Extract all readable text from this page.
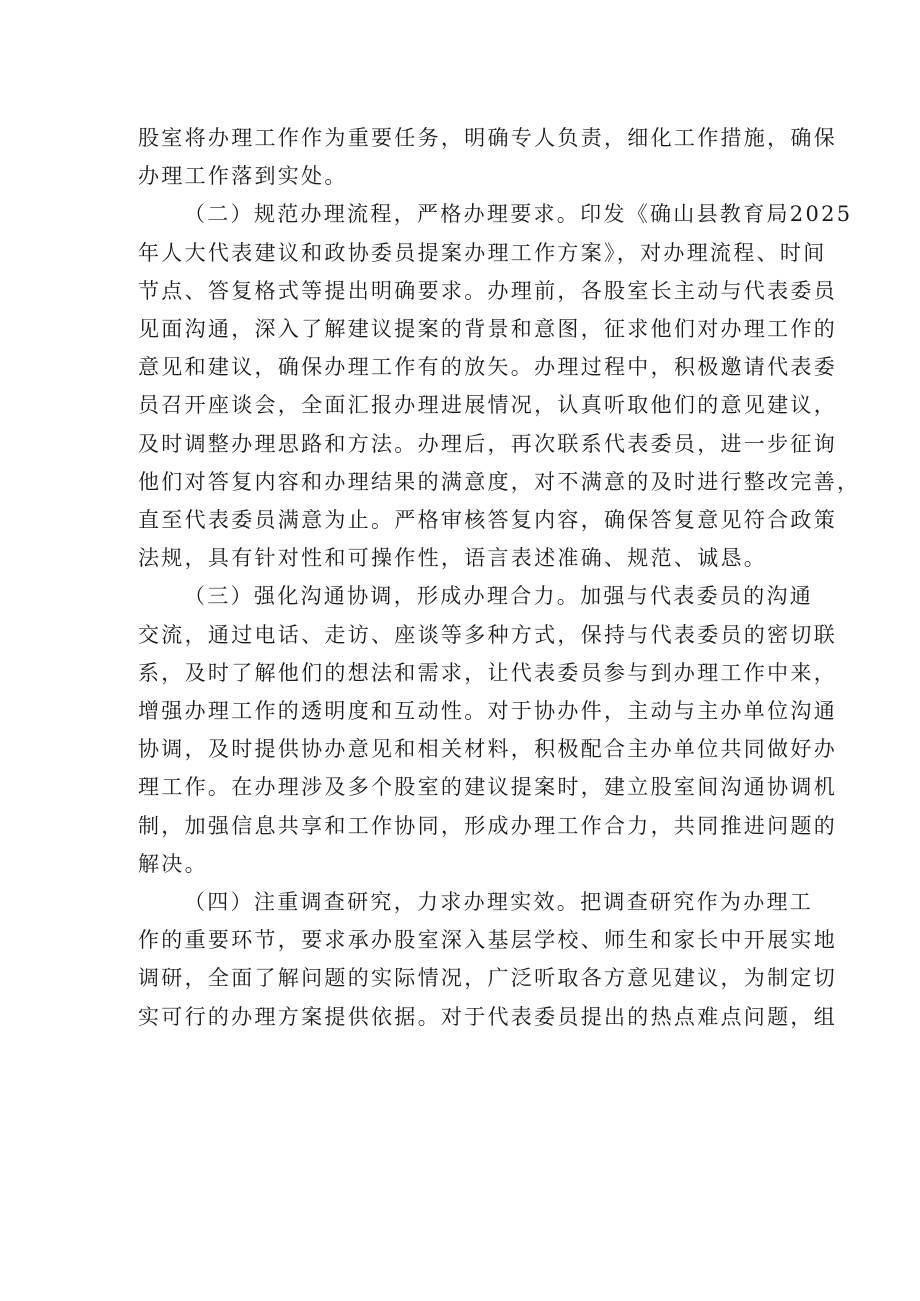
股室将办理工作作为重要任务，明确专人负责，细化工作措施，确保
办理工作落到实处。

（二）规范办理流程，严格办理要求。印发《确山县教育局2025
年人大代表建议和政协委员提案办理工作方案》，对办理流程、时间
节点、答复格式等提出明确要求。办理前，各股室长主动与代表委员
见面沟通，深入了解建议提案的背景和意图，征求他们对办理工作的
意见和建议，确保办理工作有的放矢。办理过程中，积极邀请代表委
员召开座谈会，全面汇报办理进展情况，认真听取他们的意见建议，
及时调整办理思路和方法。办理后，再次联系代表委员，进一步征询
他们对答复内容和办理结果的满意度，对不满意的及时进行整改完善，
直至代表委员满意为止。严格审核答复内容，确保答复意见符合政策
法规，具有针对性和可操作性，语言表述准确、规范、诚恳。

（三）强化沟通协调，形成办理合力。加强与代表委员的沟通
交流，通过电话、走访、座谈等多种方式，保持与代表委员的密切联
系，及时了解他们的想法和需求，让代表委员参与到办理工作中来，
增强办理工作的透明度和互动性。对于协办件，主动与主办单位沟通
协调，及时提供协办意见和相关材料，积极配合主办单位共同做好办
理工作。在办理涉及多个股室的建议提案时，建立股室间沟通协调机
制，加强信息共享和工作协同，形成办理工作合力，共同推进问题的
解决。

（四）注重调查研究，力求办理实效。把调查研究作为办理工
作的重要环节，要求承办股室深入基层学校、师生和家长中开展实地
调研，全面了解问题的实际情况，广泛听取各方意见建议，为制定切
实可行的办理方案提供依据。对于代表委员提出的热点难点问题，组
